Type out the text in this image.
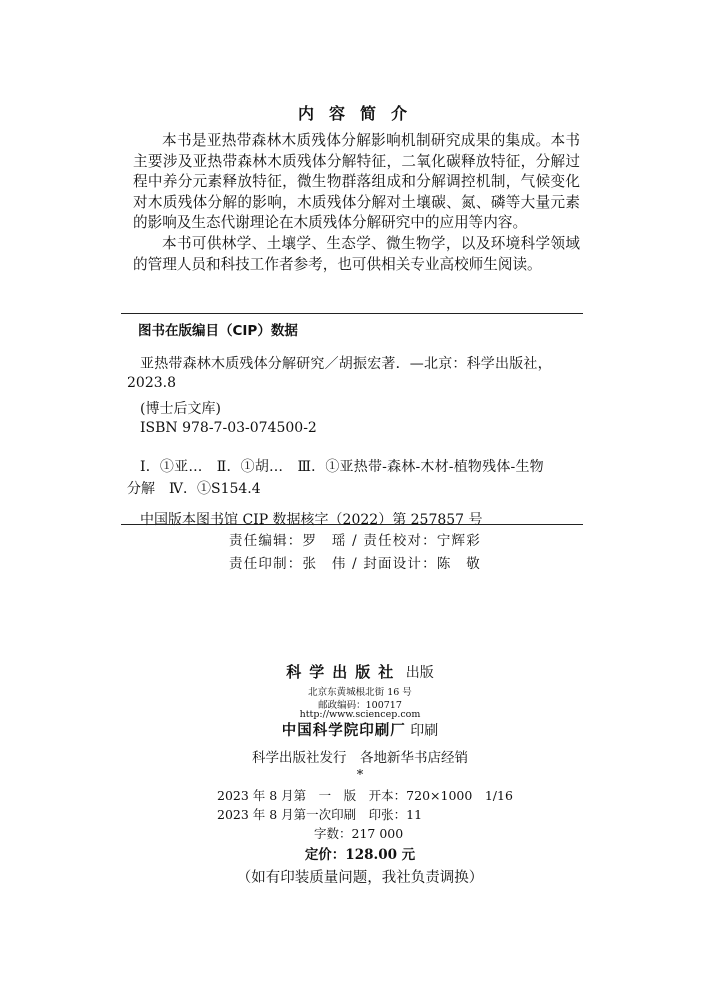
内容简介
本书是亚热带森林木质残体分解影响机制研究成果的集成。本书主要涉及亚热带森林木质残体分解特征，二氧化碳释放特征，分解过程中养分元素释放特征，微生物群落组成和分解调控机制，气候变化对木质残体分解的影响，木质残体分解对土壤碳、氮、磷等大量元素的影响及生态代谢理论在木质残体分解研究中的应用等内容。
本书可供林学、土壤学、生态学、微生物学，以及环境科学领域的管理人员和科技工作者参考，也可供相关专业高校师生阅读。
图书在版编目（CIP）数据
亚热带森林木质残体分解研究／胡振宏著．—北京：科学出版社，
2023.8
(博士后文库)
ISBN 978-7-03-074500-2
Ⅰ．①亚…　Ⅱ．①胡…　Ⅲ．①亚热带-森林-木材-植物残体-生物
分解　Ⅳ．①S154.4
中国版本图书馆 CIP 数据核字（2022）第 257857 号
责任编辑：罗　瑶 / 责任校对：宁辉彩
责任印制：张　伟 / 封面设计：陈　敬
科学出版社 出版
北京东黄城根北街 16 号
邮政编码：100717
http://www.sciencep.com
中国科学院印刷厂 印刷
科学出版社发行　各地新华书店经销
*
2023 年 8 月第　一　版　开本：720×1000　1/16
2023 年 8 月第一次印刷　印张：11
字数：217 000
定价：128.00 元
（如有印装质量问题，我社负责调换）
